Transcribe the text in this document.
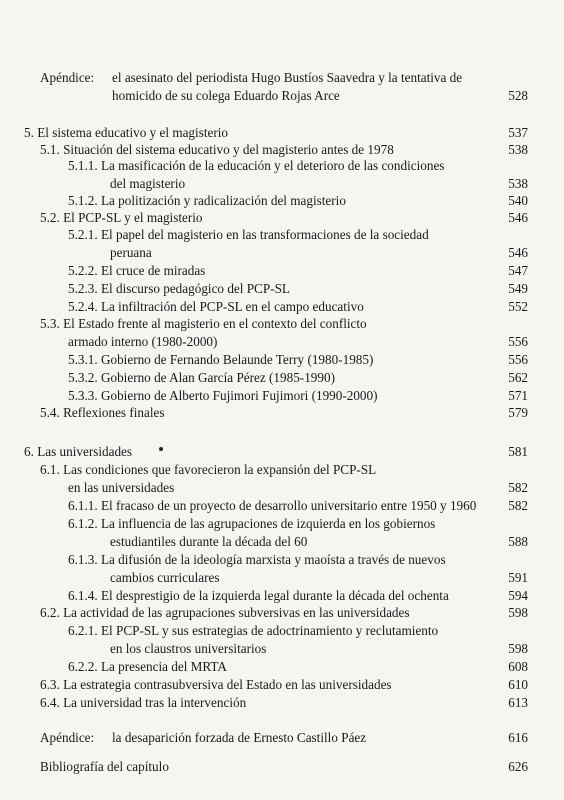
Apéndice: el asesinato del periodista Hugo Bustíos Saavedra y la tentativa de
homicido de su colega Eduardo Rojas Arce	528
5. El sistema educativo y el magisterio	537
5.1. Situación del sistema educativo y del magisterio antes de 1978	538
5.1.1. La masificación de la educación y el deterioro de las condiciones
del magisterio	538
5.1.2. La politización y radicalización del magisterio	540
5.2. El PCP-SL y el magisterio	546
5.2.1. El papel del magisterio en las transformaciones de la sociedad
peruana	546
5.2.2. El cruce de miradas	547
5.2.3. El discurso pedagógico del PCP-SL	549
5.2.4. La infiltración del PCP-SL en el campo educativo	552
5.3. El Estado frente al magisterio en el contexto del conflicto
armado interno (1980-2000)	556
5.3.1. Gobierno de Fernando Belaunde Terry (1980-1985)	556
5.3.2. Gobierno de Alan García Pérez (1985-1990)	562
5.3.3. Gobierno de Alberto Fujimori Fujimori (1990-2000)	571
5.4. Reflexiones finales	579
6. Las universidades	581
6.1. Las condiciones que favorecieron la expansión del PCP-SL
en las universidades	582
6.1.1. El fracaso de un proyecto de desarrollo universitario entre 1950 y 1960	582
6.1.2. La influencia de las agrupaciones de izquierda en los gobiernos
estudiantiles durante la década del 60	588
6.1.3. La difusión de la ideología marxista y maoísta a través de nuevos
cambios curriculares	591
6.1.4. El desprestigio de la izquierda legal durante la década del ochenta	594
6.2. La actividad de las agrupaciones subversivas en las universidades	598
6.2.1. El PCP-SL y sus estrategias de adoctrinamiento y reclutamiento
en los claustros universitarios	598
6.2.2. La presencia del MRTA	608
6.3. La estrategia contrasubversiva del Estado en las universidades	610
6.4. La universidad tras la intervención	613
Apéndice: la desaparición forzada de Ernesto Castillo Páez	616
Bibliografía del capítulo	626
